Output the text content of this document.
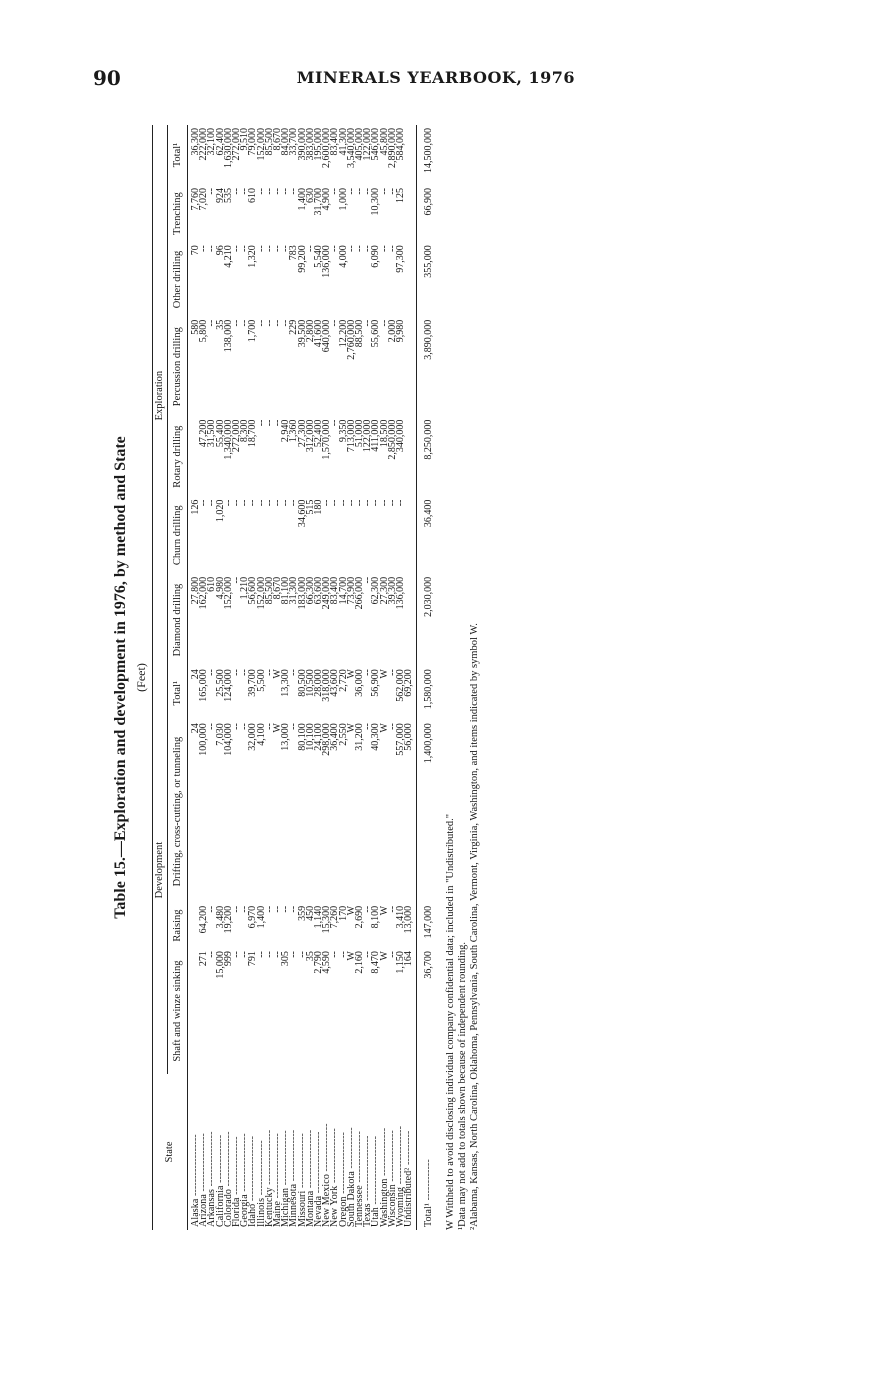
90	MINERALS YEARBOOK, 1976

Table 15.—Exploration and development in 1976, by method and State (Feet)

State	Development				Exploration						
	Shaft and winze sinking	Raising	Drifting, cross-cutting, or tunneling	Total¹	Diamond drilling	Churn drilling	Rotary drilling	Percussion drilling	Other drilling	Trenching	Total¹
Alaska ------------------			24	24	27,800	126		580	70	7,760	36,300
Arizona -----------------	271	64,200	100,000	165,000	162,000	--	47,200	5,800	--	7,020	222,000
Arkansas ----------------	--	--	--	--	610	--	31,500	--	--	--	32,100
California --------------	15,000	3,480	7,030	25,500	4,980	1,020	55,400	35	96	924	62,400
Colorado ----------------	999	19,200	104,000	124,000	152,000	--	1,340,000	138,000	4,210	535	1,630,000
Florida -----------------	--	--	--	--	--	--	272,000	--	--	--	272,000
Georgia -----------------	--	--	--	--	1,210	--	8,300	--	--	--	9,510
Idaho -------------------	791	6,970	32,000	39,700	56,600	--	18,700	1,700	1,320	610	79,000
Illinois ----------------	--	1,400	4,100	5,500	152,000	--	--	--	--	--	152,000
Kentucky ----------------	--	--	--	--	85,500	--	--	--	--	--	85,500
Maine -------------------	--	--	W	W	8,670	--	--	--	--	--	8,670
Michigan ----------------	305	--	13,000	13,300	81,100	--	2,940	--	--	--	84,000
Minnesota ---------------	--	--	--	--	31,300	--	1,360	229	783	--	33,700
Missouri ----------------	--	359	80,100	80,500	183,000	34,600	27,300	39,500	99,200	1,400	390,000
Montana -----------------	35	450	10,100	10,500	66,300	515	312,000	2,800	--	630	383,000
Nevada ------------------	2,790	1,140	24,100	28,000	63,600	180	52,400	41,600	5,540	31,700	195,000
New Mexico --------------	4,590	15,300	298,000	318,000	249,000	--	1,570,000	640,000	136,000	4,900	2,600,000
New York ----------------	--	7,260	36,400	43,600	83,400	--	--	--	--	--	83,400
Oregon ------------------	--	170	2,550	2,720	14,700	--	9,350	12,200	4,000	1,000	41,300
South Dakota ------------	W	W	W	W	73,900	--	713,000	2,760,000	--	--	3,540,000
Tennessee ---------------	2,160	2,690	31,200	36,000	266,000	--	51,000	88,500	--	--	405,000
Texas -------------------	--	--	--	--	--	--	122,000	--	--	--	122,000
Utah --------------------	8,470	8,100	40,300	56,900	62,300	--	411,000	55,600	6,090	10,300	546,000
Washington --------------	W	W	W	W	27,300	--	18,500	--	--	--	45,800
Wisconsin ---------------	--	--	--	--	39,300	--	2,850,000	2,000	--	--	2,890,000
Wyoming -----------------	1,150	3,410	557,000	562,000	136,000	--	340,000	9,980	97,300	125	584,000
Undistributed² ----------	164	13,000	56,000	69,200							
Total¹ ------------	36,700	147,000	1,400,000	1,580,000	2,030,000	36,400	8,250,000	3,890,000	355,000	66,900	14,500,000

W Withheld to avoid disclosing individual company confidential data; included in "Undistributed." ¹Data may not add to totals shown because of independent rounding. ²Alabama, Kansas, North Carolina, Oklahoma, Pennsylvania, South Carolina, Vermont, Virginia, Washington, and items indicated by symbol W.
